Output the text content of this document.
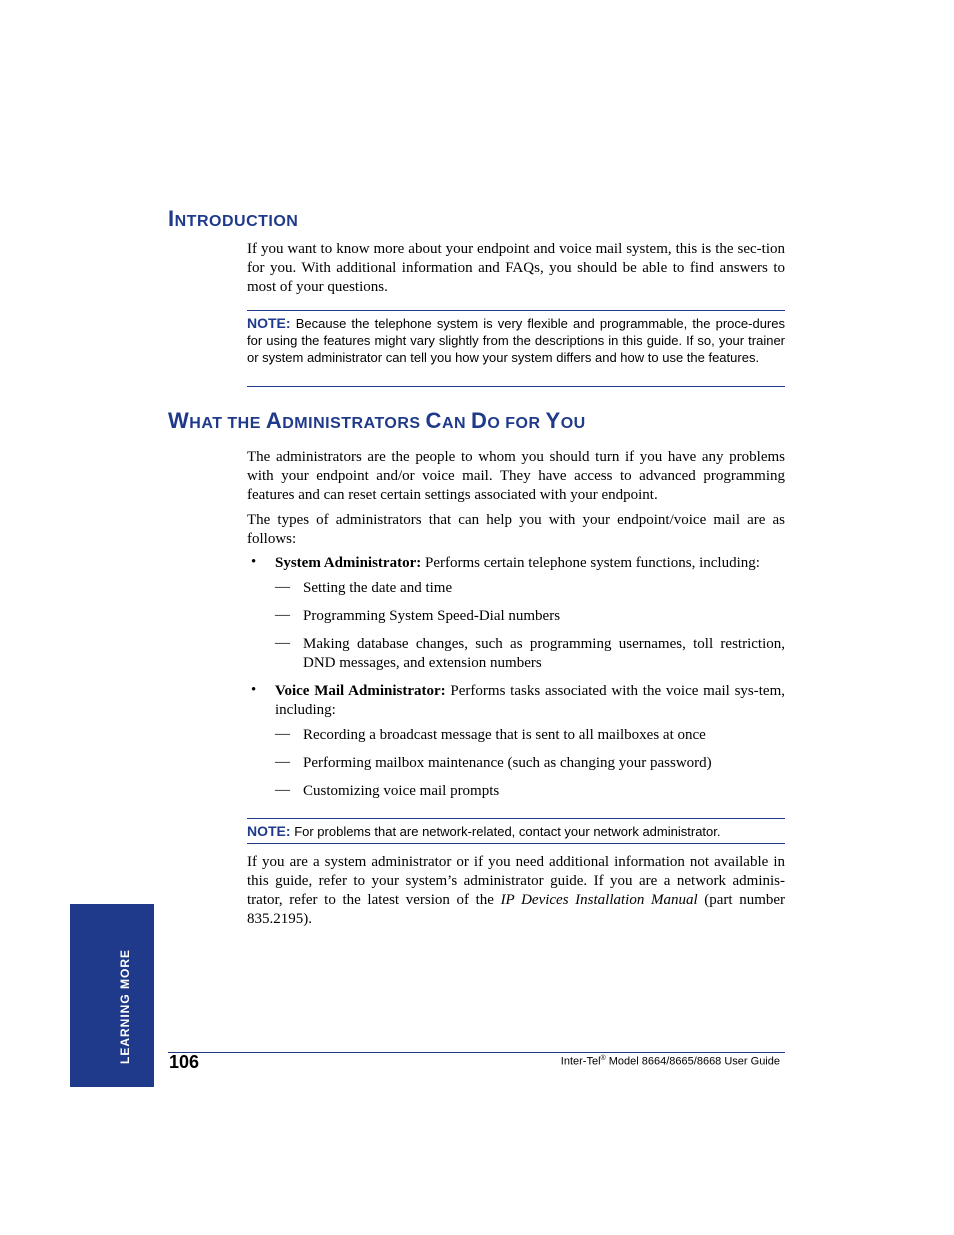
INTRODUCTION
If you want to know more about your endpoint and voice mail system, this is the sec-tion for you. With additional information and FAQs, you should be able to find answers to most of your questions.
NOTE: Because the telephone system is very flexible and programmable, the proce-dures for using the features might vary slightly from the descriptions in this guide. If so, your trainer or system administrator can tell you how your system differs and how to use the features.
WHAT THE ADMINISTRATORS CAN DO FOR YOU
The administrators are the people to whom you should turn if you have any problems with your endpoint and/or voice mail. They have access to advanced programming features and can reset certain settings associated with your endpoint.
The types of administrators that can help you with your endpoint/voice mail are as follows:
• System Administrator: Performs certain telephone system functions, including:
— Setting the date and time
— Programming System Speed-Dial numbers
— Making database changes, such as programming usernames, toll restriction, DND messages, and extension numbers
• Voice Mail Administrator: Performs tasks associated with the voice mail sys-tem, including:
— Recording a broadcast message that is sent to all mailboxes at once
— Performing mailbox maintenance (such as changing your password)
— Customizing voice mail prompts
NOTE: For problems that are network-related, contact your network administrator.
If you are a system administrator or if you need additional information not available in this guide, refer to your system’s administrator guide. If you are a network adminis-trator, refer to the latest version of the IP Devices Installation Manual (part number 835.2195).
LEARNING MORE 106	Inter-Tel® Model 8664/8665/8668 User Guide
